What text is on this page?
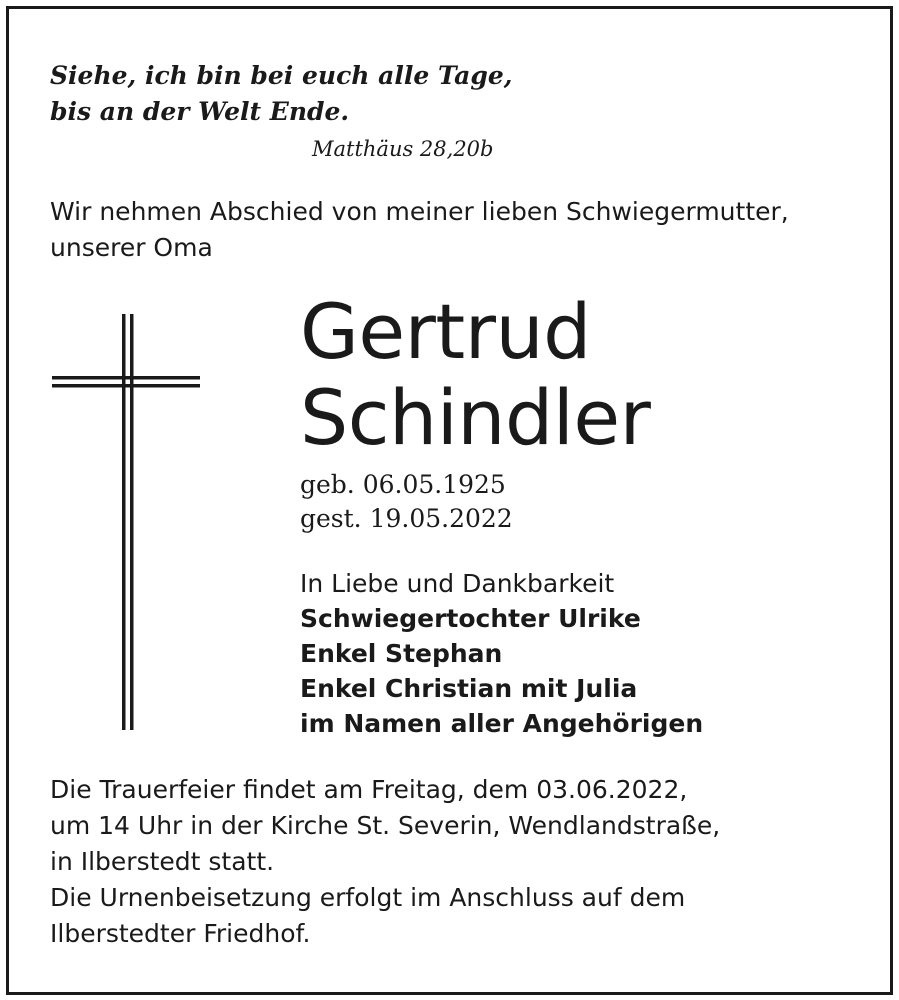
Siehe, ich bin bei euch alle Tage,
bis an der Welt Ende.
Matthäus 28,20b
Wir nehmen Abschied von meiner lieben Schwiegermutter,
unserer Oma
Gertrud
Schindler
geb. 06.05.1925
gest. 19.05.2022
In Liebe und Dankbarkeit
Schwiegertochter Ulrike
Enkel Stephan
Enkel Christian mit Julia
im Namen aller Angehörigen
Die Trauerfeier findet am Freitag, dem 03.06.2022,
um 14 Uhr in der Kirche St. Severin, Wendlandstraße,
in Ilberstedt statt.
Die Urnenbeisetzung erfolgt im Anschluss auf dem
Ilberstedter Friedhof.
